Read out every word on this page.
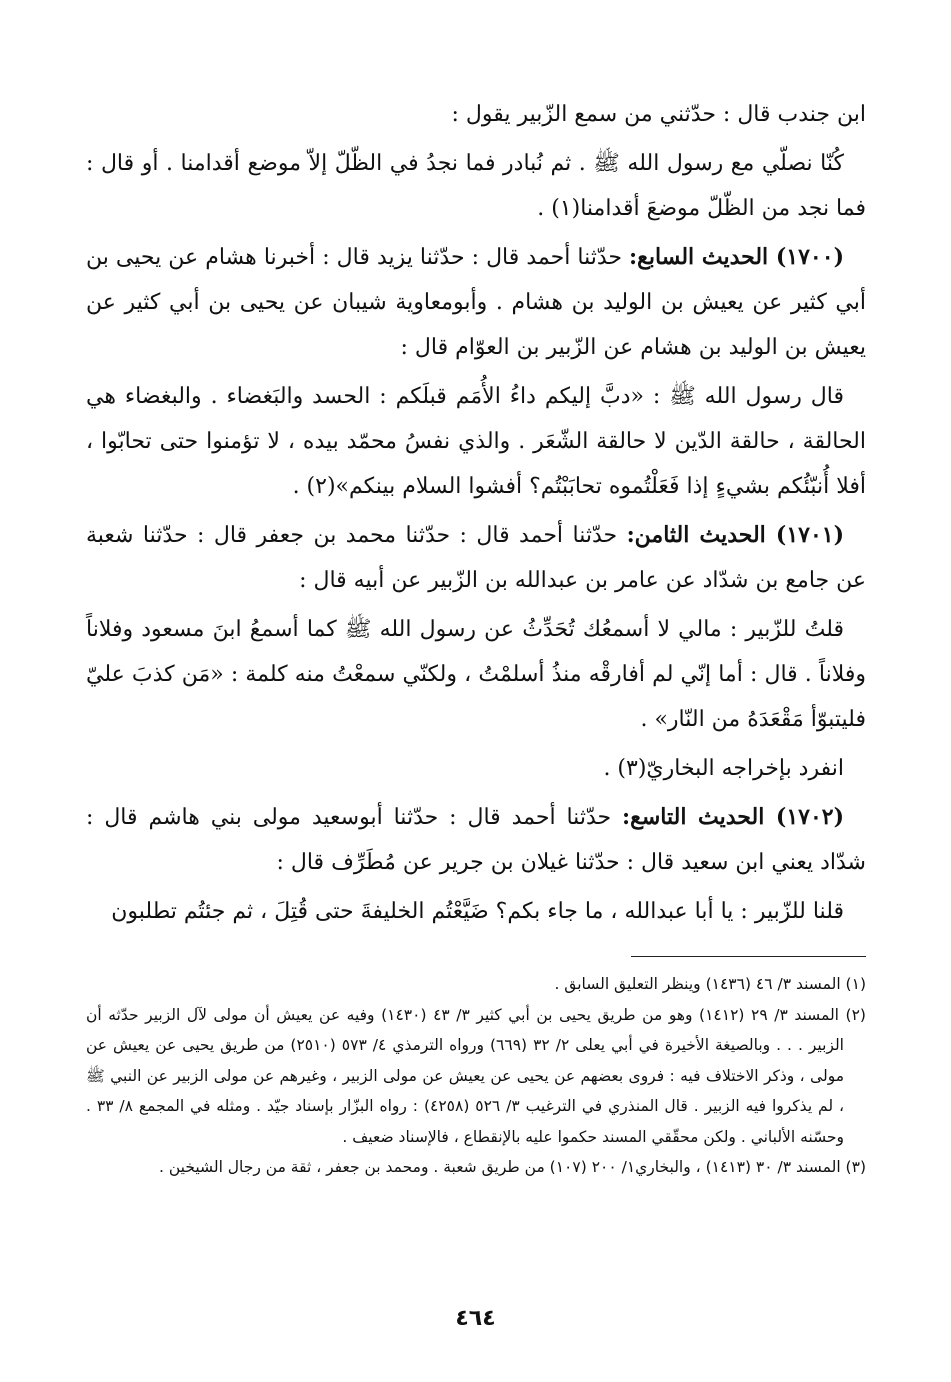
ابن جندب قال : حدّثني من سمع الزّبير يقول :

كُنّا نصلّي مع رسول الله ﷺ . ثم نُبادر فما نجدُ في الظّلّ إلاّ موضع أقدامنا . أو قال : فما نجد من الظّلّ موضعَ أقدامنا(١) .

(١٧٠٠) الحديث السابع: حدّثنا أحمد قال : حدّثنا يزيد قال : أخبرنا هشام عن يحيى بن أبي كثير عن يعيش بن الوليد بن هشام . وأبومعاوية شيبان عن يحيى بن أبي كثير عن يعيش بن الوليد بن هشام عن الزّبير بن العوّام قال :

قال رسول الله ﷺ : «دبَّ إليكم داءُ الأُمَم قبلَكم : الحسد والبَغضاء . والبغضاء هي الحالقة ، حالقة الدّين لا حالقة الشّعَر . والذي نفسُ محمّد بيده ، لا تؤمنوا حتى تحابّوا ، أفلا أُنبّئُكم بشيءٍ إذا فَعَلْتُموه تحابَبْتُم؟ أفشوا السلام بينكم»(٢) .

(١٧٠١) الحديث الثامن: حدّثنا أحمد قال : حدّثنا محمد بن جعفر قال : حدّثنا شعبة عن جامع بن شدّاد عن عامر بن عبدالله بن الزّبير عن أبيه قال :

قلتُ للزّبير : مالي لا أسمعُك تُحَدِّثُ عن رسول الله ﷺ كما أسمعُ ابنَ مسعود وفلاناً وفلاناً . قال : أما إنّي لم أفارقْه منذُ أسلمْتُ ، ولكنّي سمعْتُ منه كلمة : «مَن كذبَ عليّ فليتبوّأ مَقْعَدَهُ من النّار» .

انفرد بإخراجه البخاريّ(٣) .

(١٧٠٢) الحديث التاسع: حدّثنا أحمد قال : حدّثنا أبوسعيد مولى بني هاشم قال : شدّاد يعني ابن سعيد قال : حدّثنا غيلان بن جرير عن مُطَرِّف قال :

قلنا للزّبير : يا أبا عبدالله ، ما جاء بكم؟ ضَيَّعْتُم الخليفةَ حتى قُتِلَ ، ثم جئتُم تطلبون

(١) المسند ٣/ ٤٦ (١٤٣٦) وينظر التعليق السابق .

(٢) المسند ٣/ ٢٩ (١٤١٢) وهو من طريق يحيى بن أبي كثير ٣/ ٤٣ (١٤٣٠) وفيه عن يعيش أن مولى لآل الزبير حدّثه أن الزبير . . . وبالصيغة الأخيرة في أبي يعلى ٢/ ٣٢ (٦٦٩) ورواه الترمذي ٤/ ٥٧٣ (٢٥١٠) من طريق يحيى عن يعيش عن مولى ، وذكر الاختلاف فيه : فروى بعضهم عن يحيى عن يعيش عن مولى الزبير ، وغيرهم عن مولى الزبير عن النبي ﷺ ، لم يذكروا فيه الزبير . قال المنذري في الترغيب ٣/ ٥٢٦ (٤٢٥٨) : رواه البزّار بإسناد جيّد . ومثله في المجمع ٨/ ٣٣ . وحسّنه الألباني . ولكن محقّقي المسند حكموا عليه بالإنقطاع ، فالإسناد ضعيف .

(٣) المسند ٣/ ٣٠ (١٤١٣) ، والبخاري١/ ٢٠٠ (١٠٧) من طريق شعبة . ومحمد بن جعفر ، ثقة من رجال الشيخين .

٤٦٤
